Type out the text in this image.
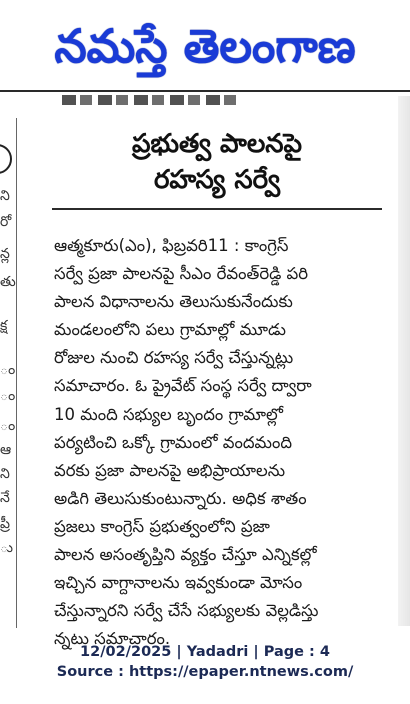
నమస్తే తెలంగాణ
ని
రో
న్ల
తు
క్ష
ం
ం
ం
ఆ
ని
నే
ప్రీ
ు
ప్రభుత్వ పాలనపై
రహస్య సర్వే
ఆత్మకూరు(ఎం), ఫిబ్రవరి11 : కాంగ్రెస్
సర్వే ప్రజా పాలనపై సీఎం రేవంత్‌రెడ్డి పరి
పాలన విధానాలను తెలుసుకునేందుకు
మండలంలోని పలు గ్రామాల్లో మూడు
రోజుల నుంచి రహస్య సర్వే చేస్తున్నట్లు
సమాచారం. ఓ ప్రైవేట్ సంస్థ సర్వే ద్వారా
10 మంది సభ్యుల బృందం గ్రామాల్లో
పర్యటించి ఒక్కో గ్రామంలో వందమంది
వరకు ప్రజా పాలనపై అభిప్రాయాలను
అడిగి తెలుసుకుంటున్నారు. అధిక శాతం
ప్రజలు కాంగ్రెస్ ప్రభుత్వంలోని ప్రజా
పాలన అసంతృప్తిని వ్యక్తం చేస్తూ ఎన్నికల్లో
ఇచ్చిన వాగ్దానాలను ఇవ్వకుండా మోసం
చేస్తున్నారని సర్వే చేసే సభ్యులకు వెల్లడిస్తు
న్నటు సమాచారం.
12/02/2025 | Yadadri | Page : 4
Source : https://epaper.ntnews.com/
